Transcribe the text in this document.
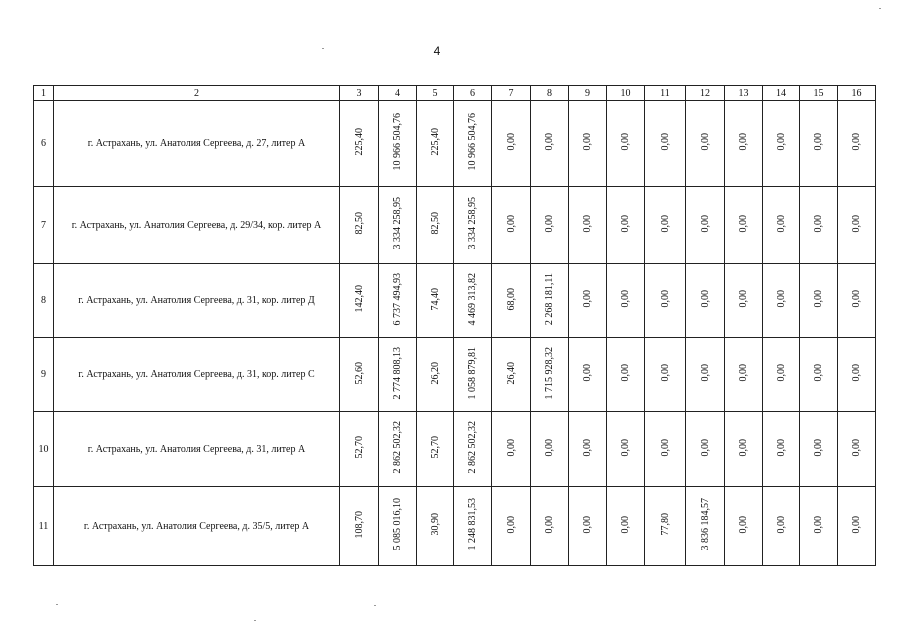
4
1	2	3	4	5	6	7	8	9	10	11	12	13	14	15	16
6	г. Астрахань, ул. Анатолия Сергеева, д. 27, литер А	225,40	10 966 504,76	225,40	10 966 504,76	0,00	0,00	0,00	0,00	0,00	0,00	0,00	0,00	0,00	0,00
7	г. Астрахань, ул. Анатолия Сергеева, д. 29/34, кор. литер А	82,50	3 334 258,95	82,50	3 334 258,95	0,00	0,00	0,00	0,00	0,00	0,00	0,00	0,00	0,00	0,00
8	г. Астрахань, ул. Анатолия Сергеева, д. 31, кор. литер Д	142,40	6 737 494,93	74,40	4 469 313,82	68,00	2 268 181,11	0,00	0,00	0,00	0,00	0,00	0,00	0,00	0,00
9	г. Астрахань, ул. Анатолия Сергеева, д. 31, кор. литер С	52,60	2 774 808,13	26,20	1 058 879,81	26,40	1 715 928,32	0,00	0,00	0,00	0,00	0,00	0,00	0,00	0,00
10	г. Астрахань, ул. Анатолия Сергеева, д. 31, литер А	52,70	2 862 502,32	52,70	2 862 502,32	0,00	0,00	0,00	0,00	0,00	0,00	0,00	0,00	0,00	0,00
11	г. Астрахань, ул. Анатолия Сергеева, д. 35/5, литер А	108,70	5 085 016,10	30,90	1 248 831,53	0,00	0,00	0,00	0,00	77,80	3 836 184,57	0,00	0,00	0,00	0,00
